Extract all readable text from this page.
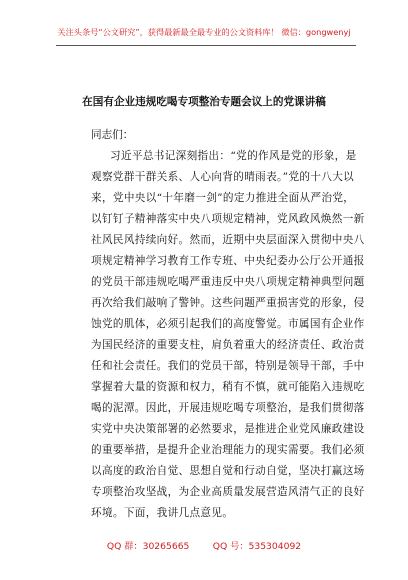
关注头条号“公文研究”，获得最新最全最专业的公文资料库！ 微信：gongwenyj
在国有企业违规吃喝专项整治专题会议上的党课讲稿
同志们：
习近平总书记深刻指出：“党的作风是党的形象，是
观察党群干群关系、人心向背的晴雨表。”党的十八大以
来，党中央以“十年磨一剑”的定力推进全面从严治党，
以钉钉子精神落实中央八项规定精神，党风政风焕然一新
社风民风持续向好。然而，近期中央层面深入贯彻中央八
项规定精神学习教育工作专班、中央纪委办公厅公开通报
的党员干部违规吃喝严重违反中央八项规定精神典型问题
再次给我们敲响了警钟。这些问题严重损害党的形象，侵
蚀党的肌体，必须引起我们的高度警觉。市属国有企业作
为国民经济的重要支柱，肩负着重大的经济责任、政治责
任和社会责任。我们的党员干部，特别是领导干部，手中
掌握着大量的资源和权力，稍有不慎，就可能陷入违规吃
喝的泥潭。因此，开展违规吃喝专项整治，是我们贯彻落
实党中央决策部署的必然要求，是推进企业党风廉政建设
的重要举措，是提升企业治理能力的现实需要。我们必须
以高度的政治自觉、思想自觉和行动自觉，坚决打赢这场
专项整治攻坚战，为企业高质量发展营造风清气正的良好
环境。下面，我讲几点意见。
QQ 群：30265665	QQ 号：535304092
